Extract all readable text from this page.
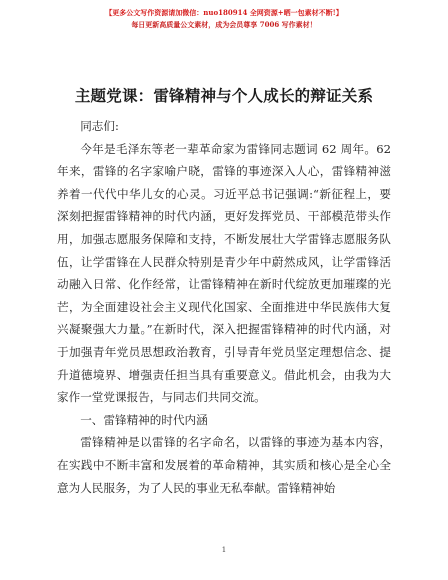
【更多公文写作资源请加微信：nuo180914 全网资源+晒一包素材不断!】
每日更新高质量公文素材，成为会员尊享 7006 写作素材！
主题党课：雷锋精神与个人成长的辩证关系

同志们:

今年是毛泽东等老一辈革命家为雷锋同志题词 62 周年。62 年来，雷锋的名字家喻户晓，雷锋的事迹深入人心，雷锋精神滋养着一代代中华儿女的心灵。习近平总书记强调:“新征程上，要深刻把握雷锋精神的时代内涵，更好发挥党员、干部模范带头作用，加强志愿服务保障和支持，不断发展壮大学雷锋志愿服务队伍，让学雷锋在人民群众特别是青少年中蔚然成风，让学雷锋活动融入日常、化作经常，让雷锋精神在新时代绽放更加璀璨的光芒，为全面建设社会主义现代化国家、全面推进中华民族伟大复兴凝聚强大力量。”在新时代，深入把握雷锋精神的时代内涵，对于加强青年党员思想政治教育，引导青年党员坚定理想信念、提升道德境界、增强责任担当具有重要意义。借此机会，由我为大家作一堂党课报告，与同志们共同交流。

一、雷锋精神的时代内涵

雷锋精神是以雷锋的名字命名，以雷锋的事迹为基本内容，在实践中不断丰富和发展着的革命精神，其实质和核心是全心全意为人民服务，为了人民的事业无私奉献。雷锋精神始

1
